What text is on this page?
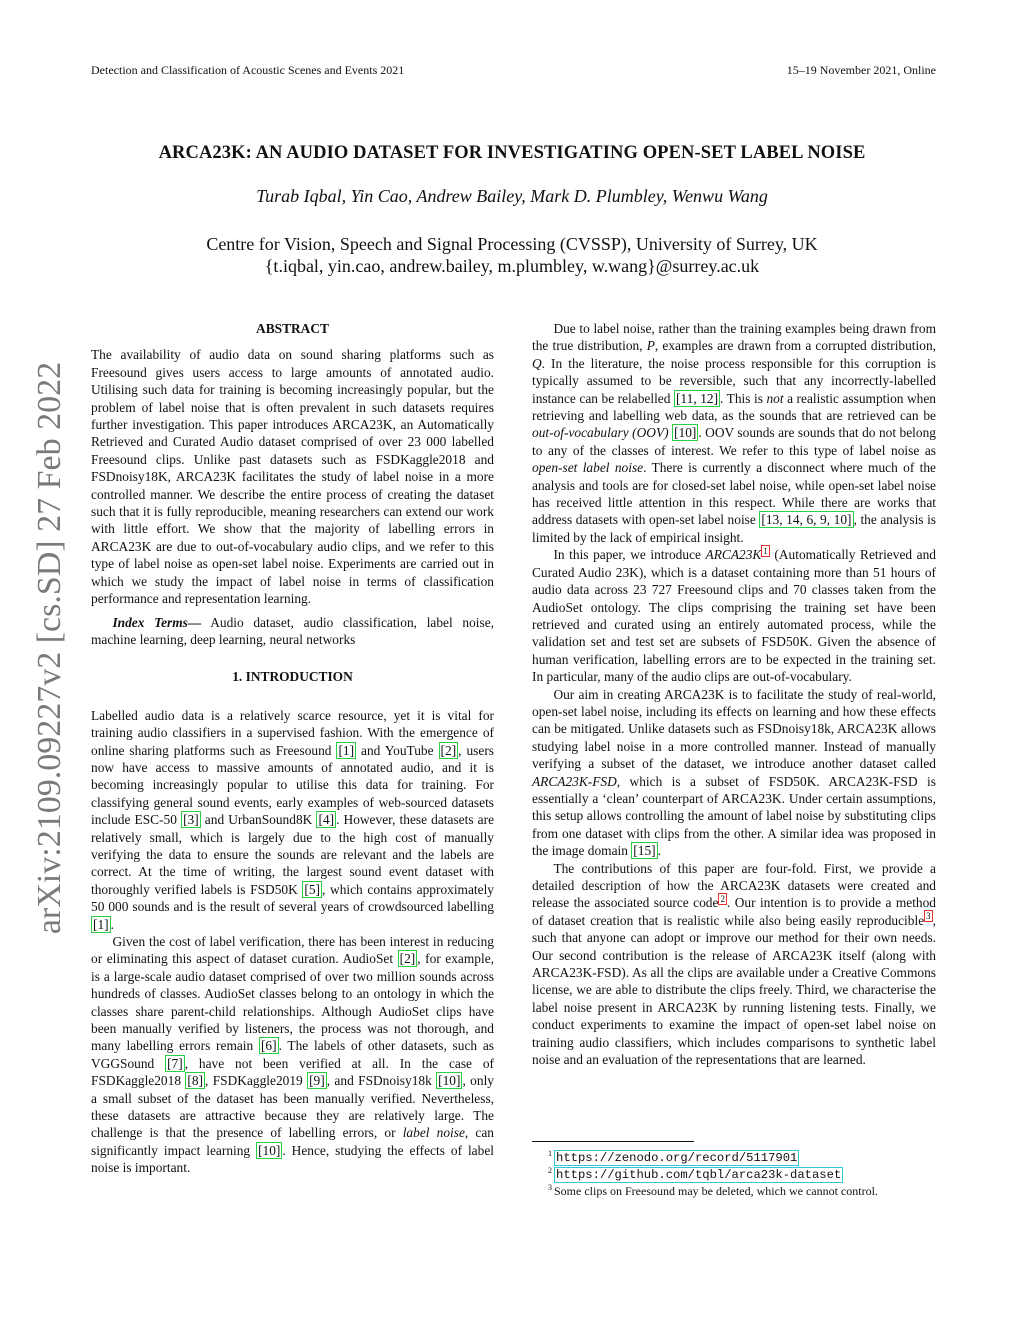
Detection and Classification of Acoustic Scenes and Events 2021	15–19 November 2021, Online
arXiv:2109.09227v2 [cs.SD] 27 Feb 2022
ARCA23K: AN AUDIO DATASET FOR INVESTIGATING OPEN-SET LABEL NOISE
Turab Iqbal, Yin Cao, Andrew Bailey, Mark D. Plumbley, Wenwu Wang
Centre for Vision, Speech and Signal Processing (CVSSP), University of Surrey, UK
{t.iqbal, yin.cao, andrew.bailey, m.plumbley, w.wang}@surrey.ac.uk
ABSTRACT

The availability of audio data on sound sharing platforms such as Freesound gives users access to large amounts of annotated audio. Utilising such data for training is becoming increasingly popular, but the problem of label noise that is often prevalent in such datasets requires further investigation. This paper introduces ARCA23K, an Automatically Retrieved and Curated Audio dataset comprised of over 23 000 labelled Freesound clips. Unlike past datasets such as FSDKaggle2018 and FSDnoisy18K, ARCA23K facilitates the study of label noise in a more controlled manner. We describe the entire process of creating the dataset such that it is fully reproducible, meaning researchers can extend our work with little effort. We show that the majority of labelling errors in ARCA23K are due to out-of-vocabulary audio clips, and we refer to this type of label noise as open-set label noise. Experiments are carried out in which we study the impact of label noise in terms of classification performance and representation learning.

Index Terms— Audio dataset, audio classification, label noise, machine learning, deep learning, neural networks

1. INTRODUCTION

Labelled audio data is a relatively scarce resource, yet it is vital for training audio classifiers in a supervised fashion. With the emergence of online sharing platforms such as Freesound [1] and YouTube [2] , users now have access to massive amounts of annotated audio, and it is becoming increasingly popular to utilise this data for training. For classifying general sound events, early examples of web-sourced datasets include ESC-50 [3] and UrbanSound8K [4] . However, these datasets are relatively small, which is largely due to the high cost of manually verifying the data to ensure the sounds are relevant and the labels are correct. At the time of writing, the largest sound event dataset with thoroughly verified labels is FSD50K [5] , which contains approximately 50 000 sounds and is the result of several years of crowdsourced labelling [1] .

Given the cost of label verification, there has been interest in reducing or eliminating this aspect of dataset curation. AudioSet [2] , for example, is a large-scale audio dataset comprised of over two million sounds across hundreds of classes. AudioSet classes belong to an ontology in which the classes share parent-child relationships. Although AudioSet clips have been manually verified by listeners, the process was not thorough, and many labelling errors remain [6] . The labels of other datasets, such as VGGSound [7] , have not been verified at all. In the case of FSDKaggle2018 [8] , FSDKaggle2019 [9] , and FSDnoisy18k [10] , only a small subset of the dataset has been manually verified. Nevertheless, these datasets are attractive because they are relatively large. The challenge is that the presence of labelling errors, or label noise, can significantly impact learning [10] . Hence, studying the effects of label noise is important.

Due to label noise, rather than the training examples being drawn from the true distribution, P, examples are drawn from a corrupted distribution, Q. In the literature, the noise process responsible for this corruption is typically assumed to be reversible, such that any incorrectly-labelled instance can be relabelled [11, 12] . This is not a realistic assumption when retrieving and labelling web data, as the sounds that are retrieved can be out-of-vocabulary (OOV) [10] . OOV sounds are sounds that do not belong to any of the classes of interest. We refer to this type of label noise as open-set label noise. There is currently a disconnect where much of the analysis and tools are for closed-set label noise, while open-set label noise has received little attention in this respect. While there are works that address datasets with open-set label noise [13, 14, 6, 9, 10] , the analysis is limited by the lack of empirical insight.

In this paper, we introduce ARCA23K $^1$ (Automatically Retrieved and Curated Audio 23K), which is a dataset containing more than 51 hours of audio data across 23 727 Freesound clips and 70 classes taken from the AudioSet ontology. The clips comprising the training set have been retrieved and curated using an entirely automated process, while the validation set and test set are subsets of FSD50K. Given the absence of human verification, labelling errors are to be expected in the training set. In particular, many of the audio clips are out-of-vocabulary.

Our aim in creating ARCA23K is to facilitate the study of real-world, open-set label noise, including its effects on learning and how these effects can be mitigated. Unlike datasets such as FSDnoisy18k, ARCA23K allows studying label noise in a more controlled manner. Instead of manually verifying a subset of the dataset, we introduce another dataset called ARCA23K-FSD, which is a subset of FSD50K. ARCA23K-FSD is essentially a ‘clean’ counterpart of ARCA23K. Under certain assumptions, this setup allows controlling the amount of label noise by substituting clips from one dataset with clips from the other. A similar idea was proposed in the image domain [15] .

The contributions of this paper are four-fold. First, we provide a detailed description of how the ARCA23K datasets were created and release the associated source code $^2$ . Our intention is to provide a method of dataset creation that is realistic while also being easily reproducible $^3$ , such that anyone can adopt or improve our method for their own needs. Our second contribution is the release of ARCA23K itself (along with ARCA23K-FSD). As all the clips are available under a Creative Commons license, we are able to distribute the clips freely. Third, we characterise the label noise present in ARCA23K by running listening tests. Finally, we conduct experiments to examine the impact of open-set label noise on training audio classifiers, which includes comparisons to synthetic label noise and an evaluation of the representations that are learned.

$^1$ https://zenodo.org/record/5117901
$^2$ https://github.com/tqbl/arca23k-dataset
$^3$ Some clips on Freesound may be deleted, which we cannot control.
